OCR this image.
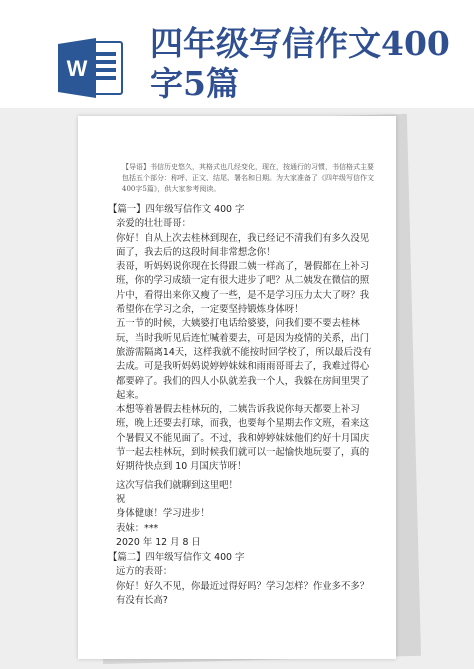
W
四年级写信作文400字5篇

【导语】书信历史悠久，其格式也几经变化，现在，按通行的习惯，书信格式主要包括五个部分：称呼、正文、结尾、署名和日期。为大家准备了《四年级写信作文400字5篇》，供大家参考阅读。

【篇一】四年级写信作文 400 字

亲爱的壮壮哥哥：

你好！自从上次去桂林到现在，我已经记不清我们有多久没见面了，我去后的这段时间非常想念你！

表哥，听妈妈说你现在长得跟二姨一样高了，暑假都在上补习班，你的学习成绩一定有很大进步了吧？从二姨发在微信的照片中，看得出来你又瘦了一些，是不是学习压力太大了呀？我希望你在学习之余，一定要坚持锻炼身体呀！

五一节的时候，大姨婆打电话给婆婆，问我们要不要去桂林玩，当时我听见后连忙喊着要去，可是因为疫情的关系，出门旅游需隔离14天，这样我就不能按时回学校了，所以最后没有去成。可是我听妈妈说婷婷妹妹和雨雨哥哥去了，我难过得心都要碎了。我们的四人小队就差我一个人，我躲在房间里哭了起来。

本想等着暑假去桂林玩的，二姨告诉我说你每天都要上补习班，晚上还要去打球，而我，也要每个星期去作文班，看来这个暑假又不能见面了。不过，我和婷婷妹妹他们约好十月国庆节一起去桂林玩，到时候我们就可以一起愉快地玩耍了，真的好期待快点到 10 月国庆节呀！

这次写信我们就聊到这里吧！

祝

身体健康！学习进步！

表妹：***

2020 年 12 月 8 日

【篇二】四年级写信作文 400 字

远方的表哥：

你好！好久不见，你最近过得好吗？学习怎样？作业多不多？有没有长高?
